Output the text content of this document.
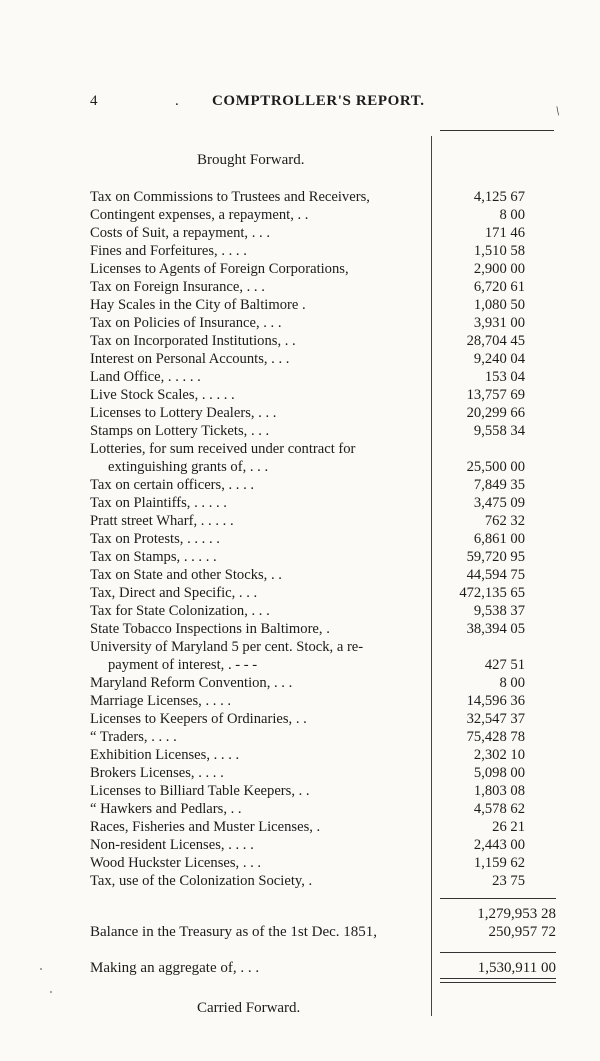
4	. COMPTROLLER'S REPORT.
/
Brought Forward.
Tax on Commissions to Trustees and Receivers,	4,125 67
Contingent expenses, a repayment, . .	8 00
Costs of Suit, a repayment, . . .	171 46
Fines and Forfeitures, . . . .	1,510 58
Licenses to Agents of Foreign Corporations,	2,900 00
Tax on Foreign Insurance, . . .	6,720 61
Hay Scales in the City of Baltimore .	1,080 50
Tax on Policies of Insurance, . . .	3,931 00
Tax on Incorporated Institutions, . .	28,704 45
Interest on Personal Accounts, . . .	9,240 04
Land Office, . . . . .	153 04
Live Stock Scales, . . . . .	13,757 69
Licenses to Lottery Dealers, . . .	20,299 66
Stamps on Lottery Tickets, . . .	9,558 34
Lotteries, for sum received under contract for
extinguishing grants of, . . .	25,500 00
Tax on certain officers, . . . .	7,849 35
Tax on Plaintiffs, . . . . .	3,475 09
Pratt street Wharf, . . . . .	762 32
Tax on Protests, . . . . .	6,861 00
Tax on Stamps, . . . . .	59,720 95
Tax on State and other Stocks, . .	44,594 75
Tax, Direct and Specific, . . .	472,135 65
Tax for State Colonization, . . .	9,538 37
State Tobacco Inspections in Baltimore, .	38,394 05
University of Maryland 5 per cent. Stock, a re-
payment of interest, . - - -	427 51
Maryland Reform Convention, . . .	8 00
Marriage Licenses, . . . .	14,596 36
Licenses to Keepers of Ordinaries, . .	32,547 37
“ Traders, . . . .	75,428 78
Exhibition Licenses, . . . .	2,302 10
Brokers Licenses, . . . .	5,098 00
Licenses to Billiard Table Keepers, . .	1,803 08
“ Hawkers and Pedlars, . .	4,578 62
Races, Fisheries and Muster Licenses, .	26 21
Non-resident Licenses, . . . .	2,443 00
Wood Huckster Licenses, . . .	1,159 62
Tax, use of the Colonization Society, .	23 75
1,279,953 28
Balance in the Treasury as of the 1st Dec. 1851,	250,957 72
Making an aggregate of, . . .	1,530,911 00
Carried Forward.
